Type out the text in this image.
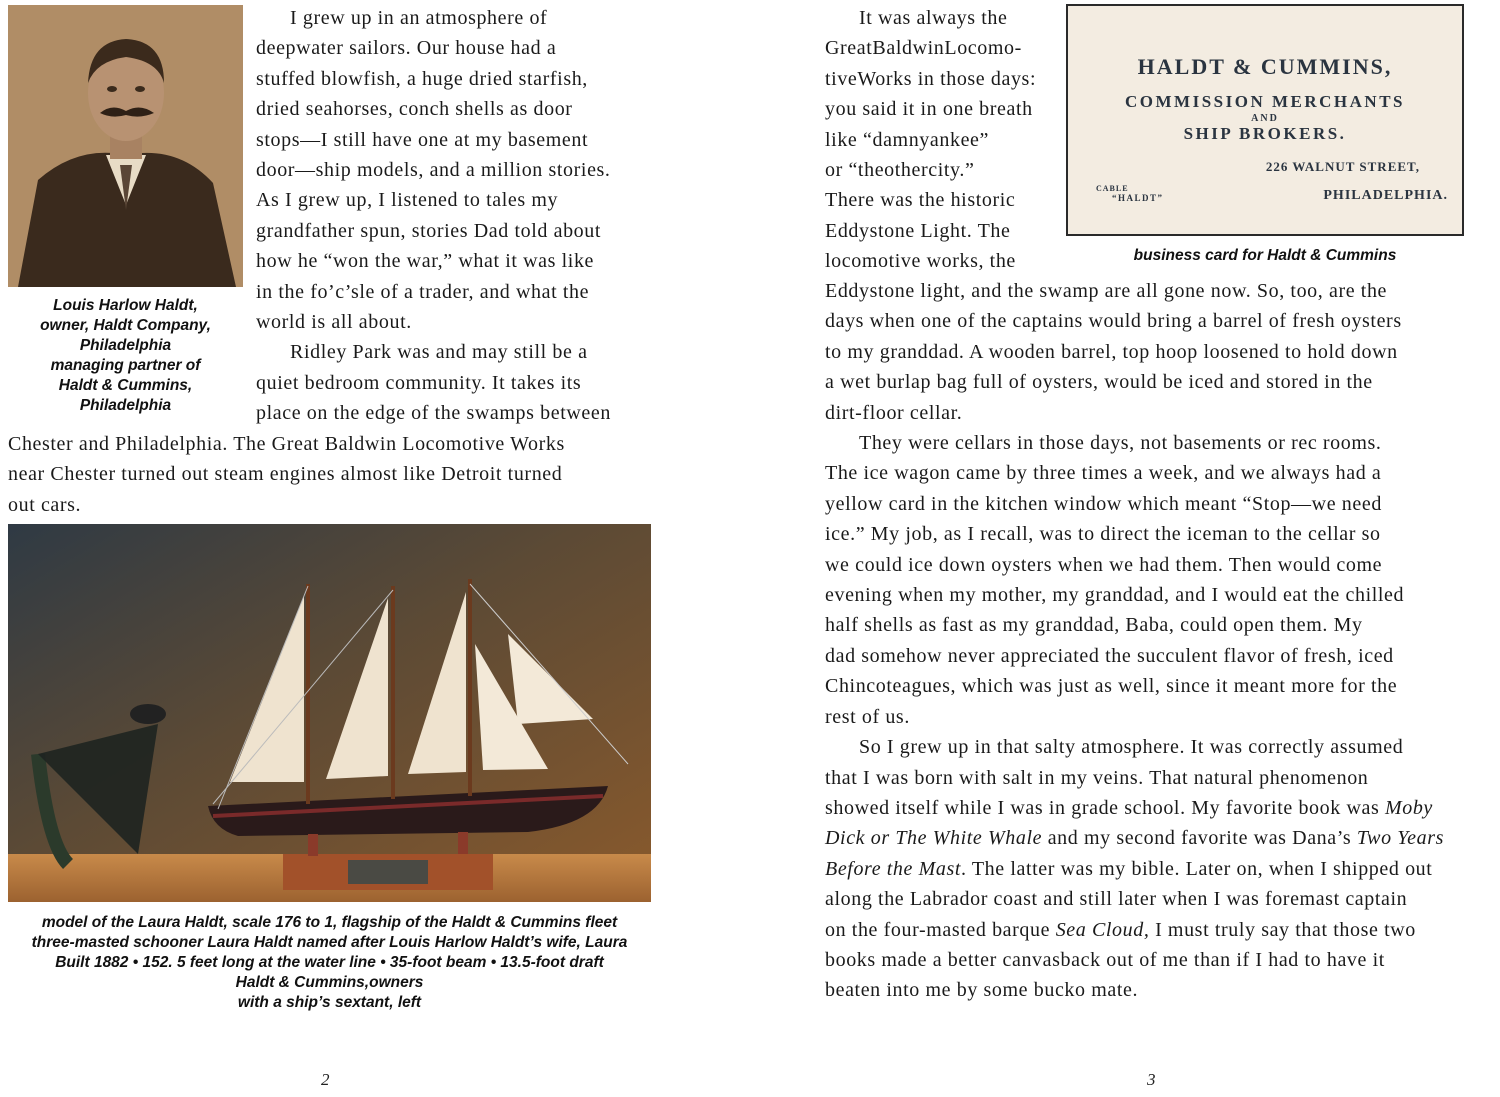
Louis Harlow Haldt,
owner, Haldt Company,
Philadelphia
managing partner of
Haldt & Cummins,
Philadelphia
I grew up in an atmosphere of
deepwater sailors. Our house had a
stuffed blowfish, a huge dried starfish,
dried seahorses, conch shells as door
stops—I still have one at my basement
door—ship models, and a million stories.
As I grew up, I listened to tales my
grandfather spun, stories Dad told about
how he “won the war,” what it was like
in the fo’c’sle of a trader, and what the
world is all about.
Ridley Park was and may still be a
quiet bedroom community. It takes its
place on the edge of the swamps between
Chester and Philadelphia. The Great Baldwin Locomotive Works
near Chester turned out steam engines almost like Detroit turned
out cars.
model of the Laura Haldt, scale 176 to 1, flagship of the Haldt & Cummins fleet
three-masted schooner Laura Haldt named after Louis Harlow Haldt’s wife, Laura
Built 1882 • 152. 5 feet long at the water line • 35-foot beam • 13.5-foot draft
Haldt & Cummins,owners
with a ship’s sextant, left
2
It was always the
GreatBaldwinLocomo-
tiveWorks in those days:
you said it in one breath
like “damnyankee”
or “theothercity.”
There was the historic
Eddystone Light. The
locomotive works, the
Eddystone light, and the swamp are all gone now. So, too, are the
days when one of the captains would bring a barrel of fresh oysters
to my granddad. A wooden barrel, top hoop loosened to hold down
a wet burlap bag full of oysters, would be iced and stored in the
dirt-floor cellar.
They were cellars in those days, not basements or rec rooms.
The ice wagon came by three times a week, and we always had a
yellow card in the kitchen window which meant “Stop—we need
ice.” My job, as I recall, was to direct the iceman to the cellar so
we could ice down oysters when we had them. Then would come
evening when my mother, my granddad, and I would eat the chilled
half shells as fast as my granddad, Baba, could open them. My
dad somehow never appreciated the succulent flavor of fresh, iced
Chincoteagues, which was just as well, since it meant more for the
rest of us.
So I grew up in that salty atmosphere. It was correctly assumed
that I was born with salt in my veins. That natural phenomenon
showed itself while I was in grade school. My favorite book was Moby
Dick or The White Whale and my second favorite was Dana’s Two Years
Before the Mast. The latter was my bible. Later on, when I shipped out
along the Labrador coast and still later when I was foremast captain
on the four-masted barque Sea Cloud, I must truly say that those two
books made a better canvasback out of me than if I had to have it
beaten into me by some bucko mate.
3
HALDT & CUMMINS,
COMMISSION MERCHANTS
AND
SHIP BROKERS.
226 WALNUT STREET,
CABLE
“HALDT”	PHILADELPHIA.
business card for Haldt & Cummins
